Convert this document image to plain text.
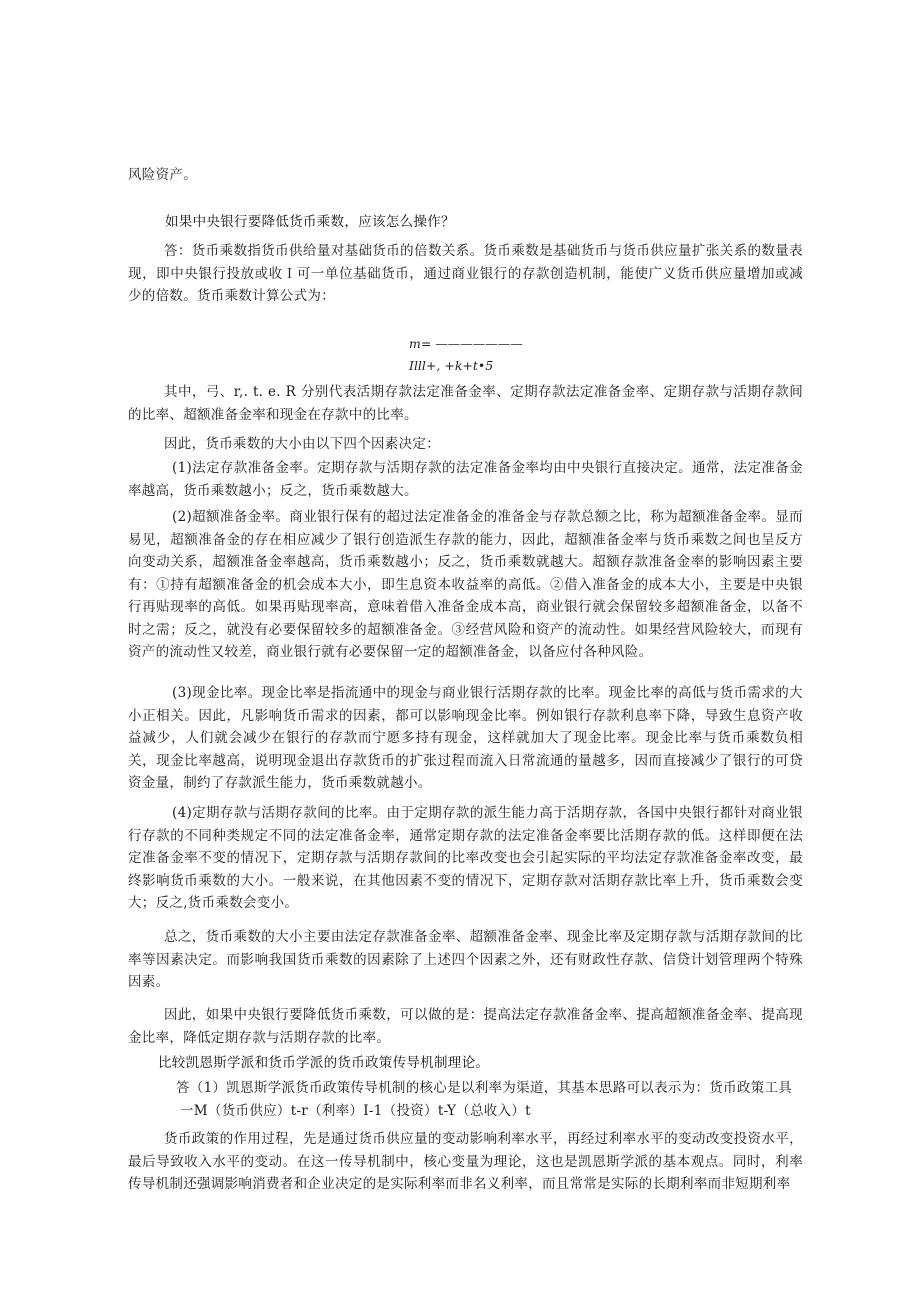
风险资产。

如果中央银行要降低货币乘数，应该怎么操作？

答：货币乘数指货币供给量对基础货币的倍数关系。货币乘数是基础货币与货币供应量扩张关系的数量表现，即中央银行投放或收Ｉ可一单位基础货币，通过商业银行的存款创造机制，能使广义货币供应量增加或减少的倍数。货币乘数计算公式为：

m= ———————
Illl+, +k+t•5

其中，弓、r,. t. e. R 分别代表活期存款法定准备金率、定期存款法定准备金率、定期存款与活期存款间的比率、超额准备金率和现金在存款中的比率。

因此，货币乘数的大小由以下四个因素决定：

(1)法定存款准备金率。定期存款与活期存款的法定准备金率均由中央银行直接决定。通常，法定准备金率越高，货币乘数越小；反之，货币乘数越大。

(2)超额准备金率。商业银行保有的超过法定准备金的准备金与存款总额之比，称为超额准备金率。显而易见，超额准备金的存在相应减少了银行创造派生存款的能力，因此，超额准备金率与货币乘数之间也呈反方向变动关系，超额准备金率越高，货币乘数越小；反之，货币乘数就越大。超额存款准备金率的影响因素主要有：①持有超额准备金的机会成本大小，即生息资本收益率的高低。②借入准备金的成本大小，主要是中央银行再贴现率的高低。如果再贴现率高，意味着借入准备金成本高，商业银行就会保留较多超额准备金，以备不时之需；反之，就没有必要保留较多的超额准备金。③经营风险和资产的流动性。如果经营风险较大，而现有资产的流动性又较差，商业银行就有必要保留一定的超额准备金，以备应付各种风险。

(3)现金比率。现金比率是指流通中的现金与商业银行活期存款的比率。现金比率的高低与货币需求的大小正相关。因此，凡影响货币需求的因素，都可以影响现金比率。例如银行存款利息率下降，导致生息资产收益减少，人们就会减少在银行的存款而宁愿多持有现金，这样就加大了现金比率。现金比率与货币乘数负相关，现金比率越高，说明现金退出存款货币的扩张过程而流入日常流通的量越多，因而直接减少了银行的可贷资金量，制约了存款派生能力，货币乘数就越小。

(4)定期存款与活期存款间的比率。由于定期存款的派生能力高于活期存款，各国中央银行都针对商业银行存款的不同种类规定不同的法定准备金率，通常定期存款的法定准备金率要比活期存款的低。这样即便在法定准备金率不变的情况下，定期存款与活期存款间的比率改变也会引起实际的平均法定存款准备金率改变，最终影响货币乘数的大小。一般来说，在其他因素不变的情况下，定期存款对活期存款比率上升，货币乘数会变大；反之,货币乘数会变小。

总之，货币乘数的大小主要由法定存款准备金率、超额准备金率、现金比率及定期存款与活期存款间的比率等因素决定。而影响我国货币乘数的因素除了上述四个因素之外，还有财政性存款、信贷计划管理两个特殊因素。

因此，如果中央银行要降低货币乘数，可以做的是：提高法定存款准备金率、提高超额准备金率、提高现金比率，降低定期存款与活期存款的比率。

比较凯恩斯学派和货币学派的货币政策传导机制理论。

答（1）凯恩斯学派货币政策传导机制的核心是以利率为渠道，其基本思路可以表示为：货币政策工具

一M（货币供应）t-r（利率）I-1（投资）t-Y（总收入）t

货币政策的作用过程，先是通过货币供应量的变动影响利率水平，再经过利率水平的变动改变投资水平，最后导致收入水平的变动。在这一传导机制中，核心变量为理论，这也是凯恩斯学派的基本观点。同时，利率传导机制还强调影响消费者和企业决定的是实际利率而非名义利率，而且常常是实际的长期利率而非短期利率
